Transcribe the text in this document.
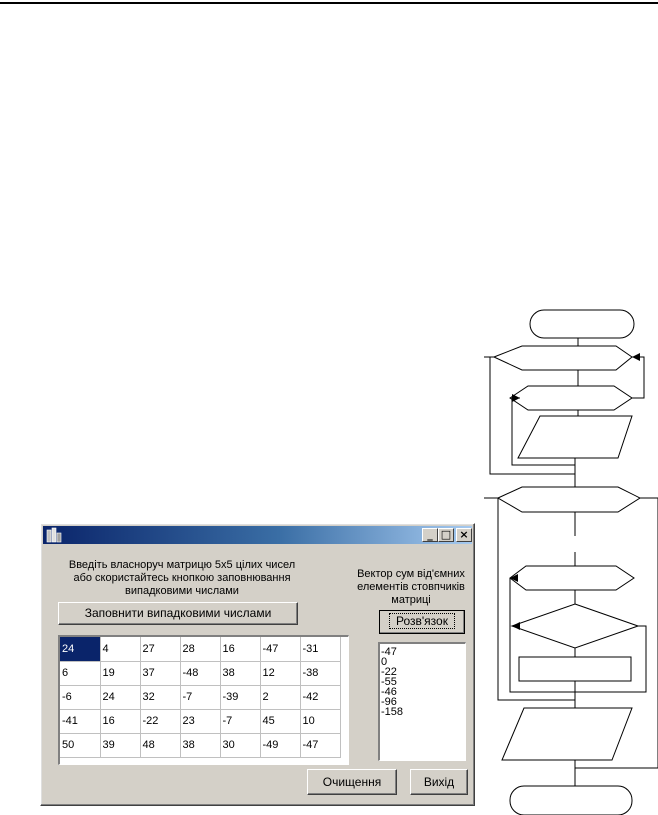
_ □ ×
Введіть власноруч матрицю 5х5 цілих чисел
або скористайтесь кнопкою заповнювання
випадковими числами
Вектор сум від'ємних
елементів стовпчиків
матриці
Заповнити випадковими числами
Розв'язок
24	4	27	28	16	-47	-31
6	19	37	-48	38	12	-38
-6	24	32	-7	-39	2	-42
-41	16	-22	23	-7	45	10
50	39	48	38	30	-49	-47
-47
0
-22
-55
-46
-96
-158
Очищення	Вихід
